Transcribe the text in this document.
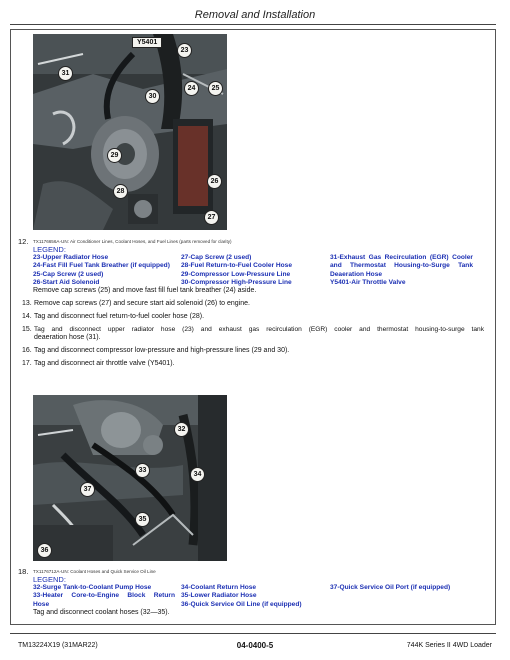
Removal and Installation
23
24	25
26
27
28
29
30
31
Y5401
12. TX1176656A-UN: Air Conditioner Lines, Coolant Hoses, and Fuel Lines (parts removed for clarity)
LEGEND:
23-Upper Radiator Hose
24-Fast Fill Fuel Tank Breather (if equipped)
25-Cap Screw (2 used)
26-Start Aid Solenoid
27-Cap Screw (2 used)
28-Fuel Return-to-Fuel Cooler Hose
29-Compressor Low-Pressure Line
30-Compressor High-Pressure Line
31-Exhaust Gas Recirculation (EGR) Cooler
and Thermostat Housing-to-Surge Tank
Deaeration Hose
Y5401-Air Throttle Valve
Remove cap screws (25) and move fast fill fuel tank breather (24) aside.
13. Remove cap screws (27) and secure start aid solenoid (26) to engine.
14. Tag and disconnect fuel return-to-fuel cooler hose (28).
15. Tag and disconnect upper radiator hose (23) and exhaust gas recirculation (EGR) cooler and thermostat housing-to-surge tank
deaeration hose (31).
16. Tag and disconnect compressor low-pressure and high-pressure lines (29 and 30).
17. Tag and disconnect air throttle valve (Y5401).
32
33
34
35
36
37
18. TX1176712A-UN: Coolant Hoses and Quick Service Oil Line
LEGEND:
32-Surge Tank-to-Coolant Pump Hose
33-Heater Core-to-Engine Block Return
Hose
34-Coolant Return Hose
35-Lower Radiator Hose
36-Quick Service Oil Line (if equipped)
37-Quick Service Oil Port (if equipped)
Tag and disconnect coolant hoses (32—35).
TM13224X19 (31MAR22)	04-0400-5	744K Series II 4WD Loader
